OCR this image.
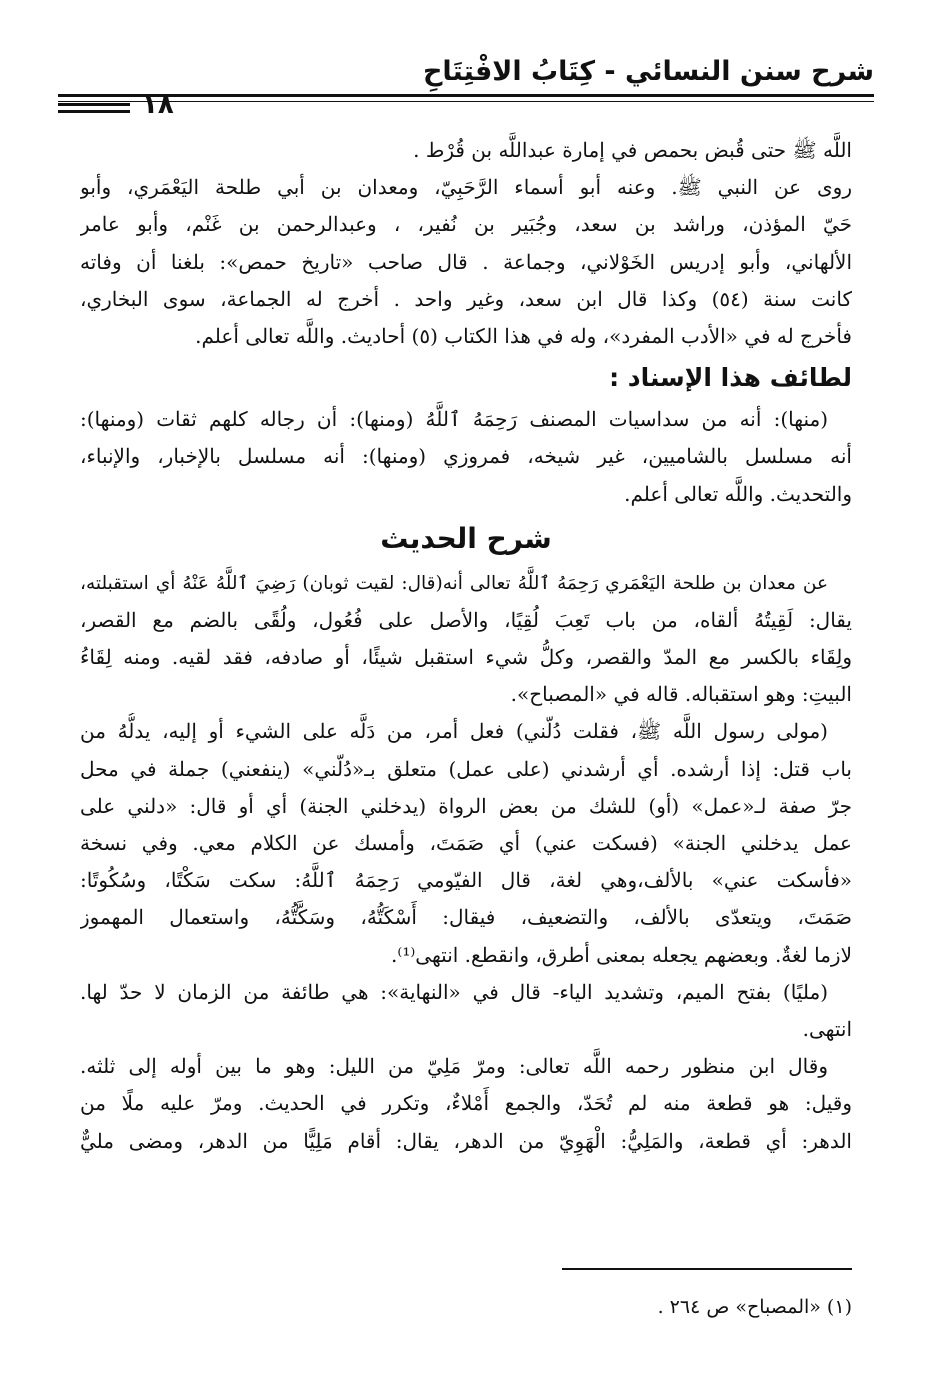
شرح سنن النسائي - كِتَابُ الافْتِتَاحِ
١٨
اللَّه ﷺ حتى قُبض بحمص في إمارة عبداللَّه بن قُرْط .
روى عن النبي ﷺ. وعنه أبو أسماء الرَّحَبِيّ، ومعدان بن أبي طلحة اليَعْمَري، وأبو
حَيّ المؤذن، وراشد بن سعد، وجُبَير بن نُفير، ، وعبدالرحمن بن غَنْم، وأبو عامر
الألهاني، وأبو إدريس الخَوْلاني، وجماعة . قال صاحب «تاريخ حمص»: بلغنا أن وفاته
كانت سنة (٥٤) وكذا قال ابن سعد، وغير واحد . أخرج له الجماعة، سوى البخاري،
فأخرج له في «الأدب المفرد»، وله في هذا الكتاب (٥) أحاديث. واللَّه تعالى أعلم.
لطائف هذا الإسناد :
(منها): أنه من سداسيات المصنف رَحِمَهُ ٱللَّهُ (ومنها): أن رجاله كلهم ثقات (ومنها):
أنه مسلسل بالشاميين، غير شيخه، فمروزي (ومنها): أنه مسلسل بالإخبار، والإنباء،
والتحديث. واللَّه تعالى أعلم.
شرح الحديث
عن معدان بن طلحة اليَعْمَري رَحِمَهُ ٱللَّهُ تعالى أنه(قال: لقيت ثوبان) رَضِيَ ٱللَّهُ عَنْهُ أي استقبلته،
يقال: لَقِيتُهُ ألقاه، من باب تَعِبَ لُقِيًا، والأصل على فُعُول، ولُقًى بالضم مع القصر،
ولِقَاء بالكسر مع المدّ والقصر، وكلُّ شيء استقبل شيئًا، أو صادفه، فقد لقيه. ومنه لِقَاءُ
البيتِ: وهو استقباله. قاله في «المصباح».
(مولى رسول اللَّه ﷺ، فقلت دُلّني) فعل أمر، من دَلَّه على الشيء أو إليه، يدلُّهُ من
باب قتل: إذا أرشده. أي أرشدني (على عمل) متعلق بـ«دُلّني» (ينفعني) جملة في محل
جرّ صفة لـ«عمل» (أو) للشك من بعض الرواة (يدخلني الجنة) أي أو قال: «دلني على
عمل يدخلني الجنة» (فسكت عني) أي صَمَتَ، وأمسك عن الكلام معي. وفي نسخة
«فأسكت عني» بالألف،وهي لغة، قال الفيّومي رَحِمَهُ ٱللَّهُ: سكت سَكْتًا، وسُكُوتًا:
صَمَتَ، ويتعدّى بالألف، والتضعيف، فيقال: أَسْكَتُّهُ، وسَكَّتُّهُ، واستعمال المهموز
لازما لغةٌ. وبعضهم يجعله بمعنى أطرق، وانقطع. انتهى⁽¹⁾.
(مليًا) بفتح الميم، وتشديد الياء- قال في «النهاية»: هي طائفة من الزمان لا حدّ لها.
انتهى.
وقال ابن منظور رحمه اللَّه تعالى: ومرّ مَلِيّ من الليل: وهو ما بين أوله إلى ثلثه.
وقيل: هو قطعة منه لم تُحَدّ، والجمع أَمْلاءٌ، وتكرر في الحديث. ومرّ عليه ملًا من
الدهر: أي قطعة، والمَلِيُّ: الْهَوِيّ من الدهر، يقال: أقام مَلِيًّا من الدهر، ومضى مليٌّ
(١) «المصباح» ص ٢٦٤ .
